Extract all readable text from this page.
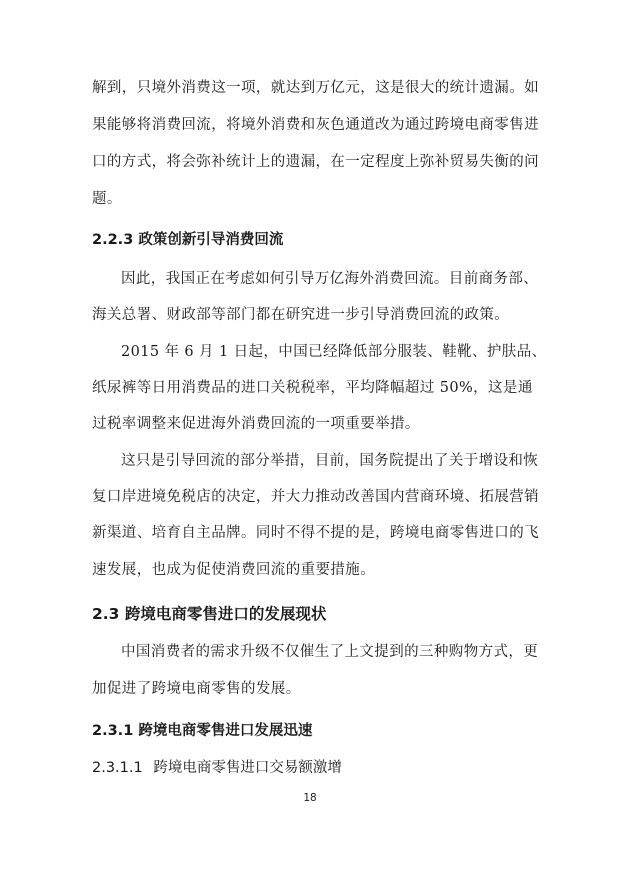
解到，只境外消费这一项，就达到万亿元，这是很大的统计遗漏。如
果能够将消费回流，将境外消费和灰色通道改为通过跨境电商零售进
口的方式，将会弥补统计上的遗漏，在一定程度上弥补贸易失衡的问
题。
2.2.3 政策创新引导消费回流
因此，我国正在考虑如何引导万亿海外消费回流。目前商务部、
海关总署、财政部等部门都在研究进一步引导消费回流的政策。
2015 年 6 月 1 日起，中国已经降低部分服装、鞋靴、护肤品、
纸尿裤等日用消费品的进口关税税率，平均降幅超过 50%，这是通
过税率调整来促进海外消费回流的一项重要举措。
这只是引导回流的部分举措，目前，国务院提出了关于增设和恢
复口岸进境免税店的决定，并大力推动改善国内营商环境、拓展营销
新渠道、培育自主品牌。同时不得不提的是，跨境电商零售进口的飞
速发展，也成为促使消费回流的重要措施。
2.3 跨境电商零售进口的发展现状
中国消费者的需求升级不仅催生了上文提到的三种购物方式，更
加促进了跨境电商零售的发展。
2.3.1 跨境电商零售进口发展迅速
2.3.1.1 跨境电商零售进口交易额激增
18
